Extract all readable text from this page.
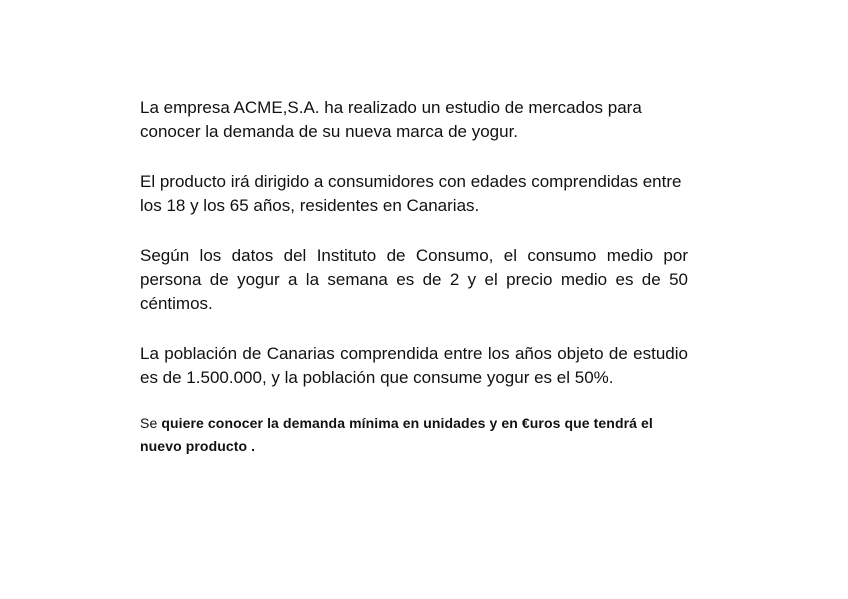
La empresa ACME,S.A. ha realizado un estudio de mercados para conocer la demanda de su nueva marca de yogur.

El producto irá dirigido a consumidores con edades comprendidas entre los 18 y los 65 años, residentes en Canarias.

Según los datos del Instituto de Consumo, el consumo medio por persona de yogur a la semana es de 2 y el precio medio es de 50 céntimos.

La población de Canarias comprendida entre los años objeto de estudio es de 1.500.000, y la población que consume yogur es el 50%.

Se quiere conocer la demanda mínima en unidades y en €uros que tendrá el nuevo producto .
